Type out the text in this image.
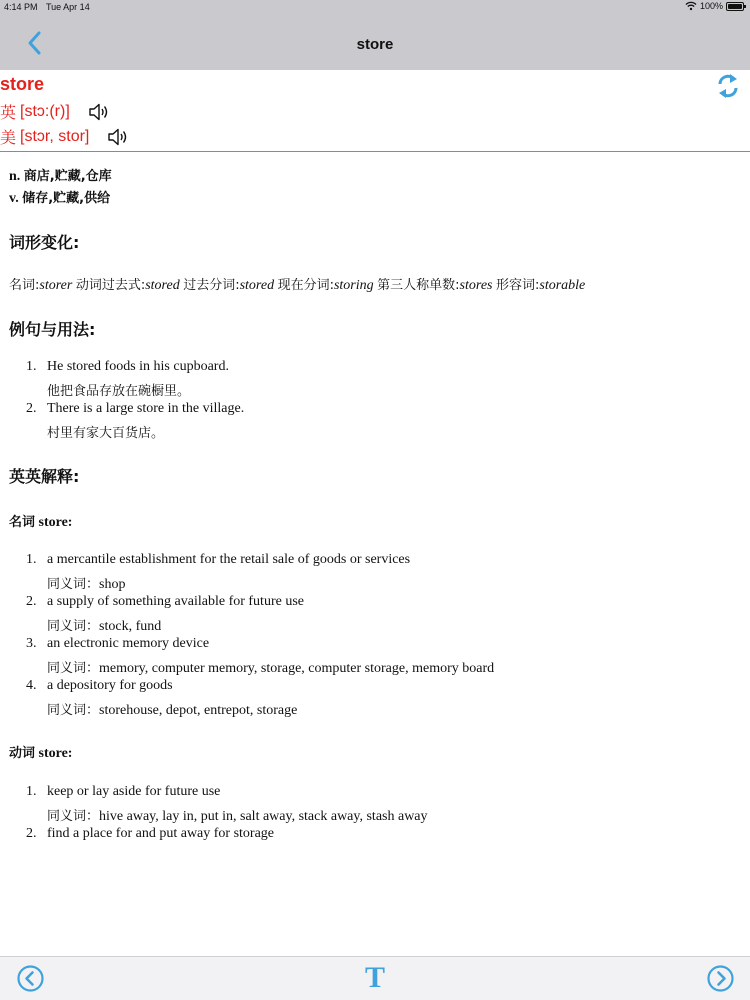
4:14 PM Tue Apr 14	100%
store
store
英 [stɔ:(r)]
美 [stɔr, stor]
n. 商店,贮藏,仓库
v. 储存,贮藏,供给
词形变化:
名词:storer 动词过去式:stored 过去分词:stored 现在分词:storing 第三人称单数:stores 形容词:storable
例句与用法:
1. He stored foods in his cupboard.
他把食品存放在碗橱里。
2. There is a large store in the village.
村里有家大百货店。
英英解释:
名词 store:
1. a mercantile establishment for the retail sale of goods or services
同义词：shop
2. a supply of something available for future use
同义词：stock, fund
3. an electronic memory device
同义词：memory, computer memory, storage, computer storage, memory board
4. a depository for goods
同义词：storehouse, depot, entrepot, storage
动词 store:
1. keep or lay aside for future use
同义词：hive away, lay in, put in, salt away, stack away, stash away
2. find a place for and put away for storage
T
